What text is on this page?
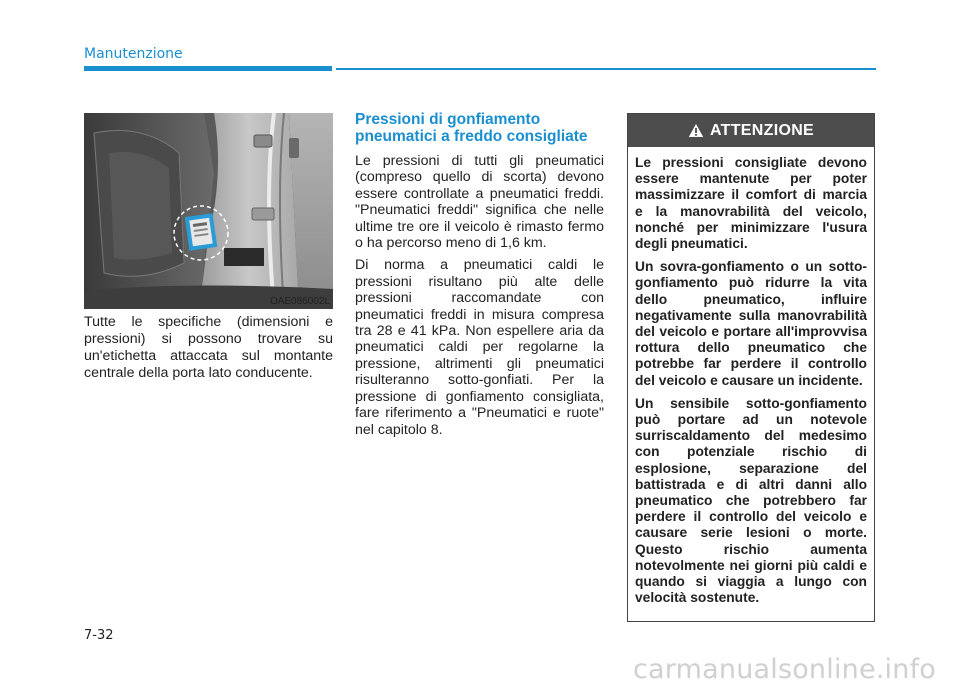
Manutenzione
OAE086002L
Tutte le specifiche (dimensioni e pressioni) si possono trovare su un'etichetta attaccata sul montante centrale della porta lato conducente.
Pressioni di gonfiamento pneumatici a freddo consigliate

Le pressioni di tutti gli pneumatici (compreso quello di scorta) devono essere controllate a pneumatici freddi. "Pneumatici freddi" significa che nelle ultime tre ore il veicolo è rimasto fermo o ha percorso meno di 1,6 km.

Di norma a pneumatici caldi le pressioni risultano più alte delle pressioni raccomandate con pneumatici freddi in misura compresa tra 28 e 41 kPa. Non espellere aria da pneumatici caldi per regolarne la pressione, altrimenti gli pneumatici risulteranno sotto-gonfiati. Per la pressione di gonfiamento consigliata, fare riferimento a "Pneumatici e ruote" nel capitolo 8.

ATTENZIONE

Le pressioni consigliate devono essere mantenute per poter massimizzare il comfort di marcia e la manovrabilità del veicolo, nonché per minimizzare l'usura degli pneumatici.

Un sovra-gonfiamento o un sotto-gonfiamento può ridurre la vita dello pneumatico, influire negativamente sulla manovrabilità del veicolo e portare all'improvvisa rottura dello pneumatico che potrebbe far perdere il controllo del veicolo e causare un incidente.

Un sensibile sotto-gonfiamento può portare ad un notevole surriscaldamento del medesimo con potenziale rischio di esplosione, separazione del battistrada e di altri danni allo pneumatico che potrebbero far perdere il controllo del veicolo e causare serie lesioni o morte. Questo rischio aumenta notevolmente nei giorni più caldi e quando si viaggia a lungo con velocità sostenute.

7-32
carmanualsonline.info
